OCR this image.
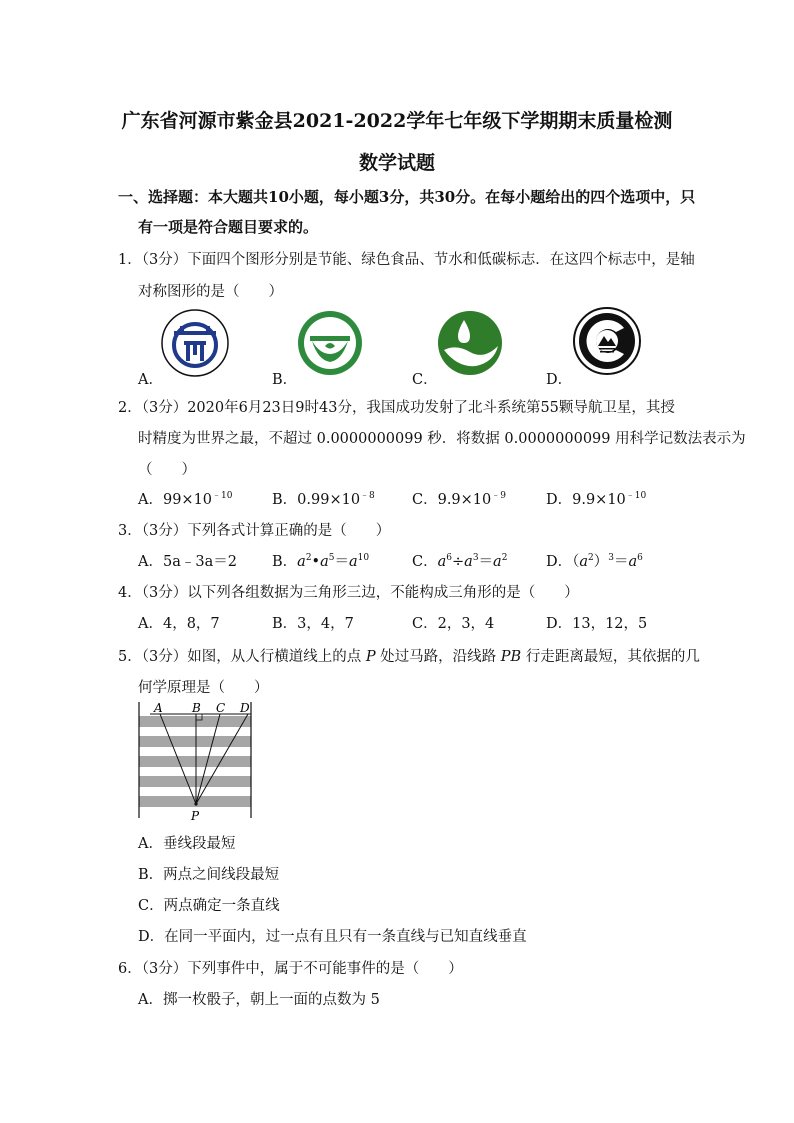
广东省河源市紫金县2021-2022学年七年级下学期期末质量检测
数学试题
一、选择题：本大题共10小题，每小题3分，共30分。在每小题给出的四个选项中，只
有一项是符合题目要求的。
1．（3分）下面四个图形分别是节能、绿色食品、节水和低碳标志．在这四个标志中，是轴
对称图形的是（　　）
A．	B．	C．	D．
2．（3分）2020年6月23日9时43分，我国成功发射了北斗系统第55颗导航卫星，其授
时精度为世界之最，不超过 0.0000000099 秒．将数据 0.0000000099 用科学记数法表示为
（　　）
A．$99\times 10^{﹣10}$	B．$0.99\times 10^{﹣8}$	C．$9.9\times 10^{﹣9}$	D．$9.9\times 10^{﹣10}$
3．（3分）下列各式计算正确的是（　　）
A．5a﹣3a＝2 B．$a^2•a^5=a^{10}$	C．$a^6\div a^3=a^2$	D．$(a^2)^3=a^6$
4．（3分）以下列各组数据为三角形三边，不能构成三角形的是（　　）
A．4，8，7	B．3，4，7	C．2，3，4	D．13，12，5
5．（3分）如图，从人行横道线上的点 P 处过马路，沿线路 PB 行走距离最短，其依据的几
何学原理是（　　）
A B C D
P
A．垂线段最短
B．两点之间线段最短
C．两点确定一条直线
D．在同一平面内，过一点有且只有一条直线与已知直线垂直
6．（3分）下列事件中，属于不可能事件的是（　　）
A．掷一枚骰子，朝上一面的点数为 5
